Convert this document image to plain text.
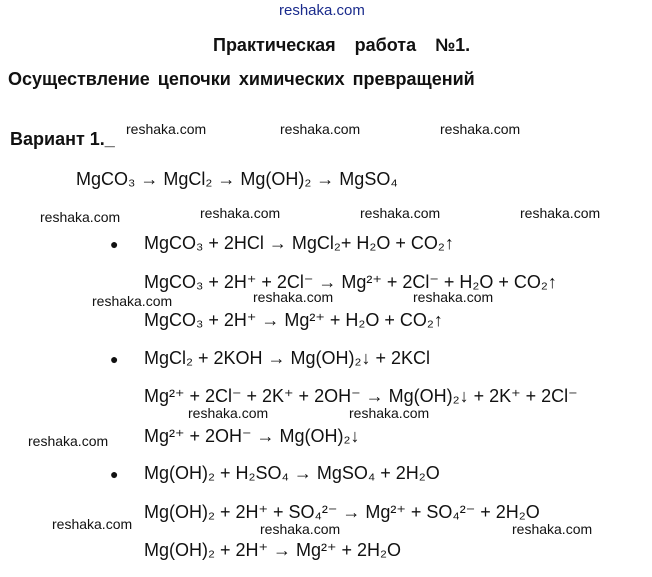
reshaka.com
Практическая работа №1.
Осуществление цепочки химических превращений
Вариант 1._ reshaka.com	reshaka.com	reshaka.com
reshaka.com	reshaka.com	reshaka.com	reshaka.com
reshaka.com	reshaka.com	reshaka.com
reshaka.com	reshaka.com
reshaka.com
reshaka.com	reshaka.com	reshaka.com
MgCO₃ → MgCl₂ → Mg(OH)₂ → MgSO₄
● MgCO₃ + 2HCl → MgCl₂+ H₂O + CO₂↑
MgCO₃ + 2H⁺ + 2Cl⁻ → Mg²⁺ + 2Cl⁻ + H₂O + CO₂↑
MgCO₃ + 2H⁺ → Mg²⁺ + H₂O + CO₂↑
● MgCl₂ + 2KOH → Mg(OH)₂↓ + 2KCl
Mg²⁺ + 2Cl⁻ + 2K⁺ + 2OH⁻ → Mg(OH)₂↓ + 2K⁺ + 2Cl⁻
Mg²⁺ + 2OH⁻ → Mg(OH)₂↓
● Mg(OH)₂ + H₂SO₄ → MgSO₄ + 2H₂O
Mg(OH)₂ + 2H⁺ + SO₄²⁻ → Mg²⁺ + SO₄²⁻ + 2H₂O
Mg(OH)₂ + 2H⁺ → Mg²⁺ + 2H₂O
